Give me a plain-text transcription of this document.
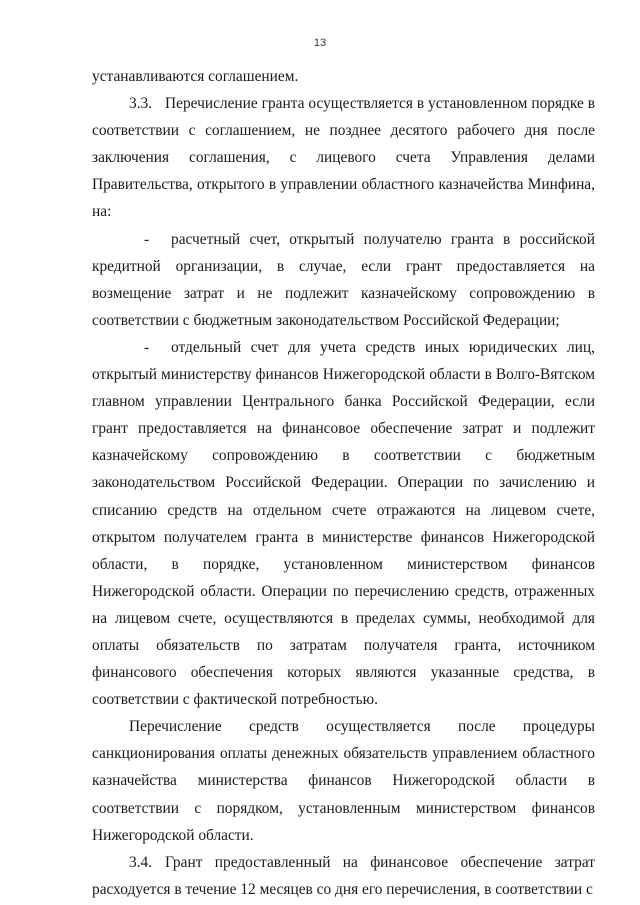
13

устанавливаются соглашением.

3.3. Перечисление гранта осуществляется в установленном порядке в соответствии с соглашением, не позднее десятого рабочего дня после заключения соглашения, с лицевого счета Управления делами Правительства, открытого в управлении областного казначейства Минфина, на:

- расчетный счет, открытый получателю гранта в российской кредитной организации, в случае, если грант предоставляется на возмещение затрат и не подлежит казначейскому сопровождению в соответствии с бюджетным законодательством Российской Федерации;

- отдельный счет для учета средств иных юридических лиц, открытый министерству финансов Нижегородской области в Волго-Вятском главном управлении Центрального банка Российской Федерации, если грант предоставляется на финансовое обеспечение затрат и подлежит казначейскому сопровождению в соответствии с бюджетным законодательством Российской Федерации. Операции по зачислению и списанию средств на отдельном счете отражаются на лицевом счете, открытом получателем гранта в министерстве финансов Нижегородской области, в порядке, установленном министерством финансов Нижегородской области. Операции по перечислению средств, отраженных на лицевом счете, осуществляются в пределах суммы, необходимой для оплаты обязательств по затратам получателя гранта, источником финансового обеспечения которых являются указанные средства, в соответствии с фактической потребностью.

Перечисление средств осуществляется после процедуры санкционирования оплаты денежных обязательств управлением областного казначейства министерства финансов Нижегородской области в соответствии с порядком, установленным министерством финансов Нижегородской области.

3.4. Грант предоставленный на финансовое обеспечение затрат расходуется в течение 12 месяцев со дня его перечисления, в соответствии с
